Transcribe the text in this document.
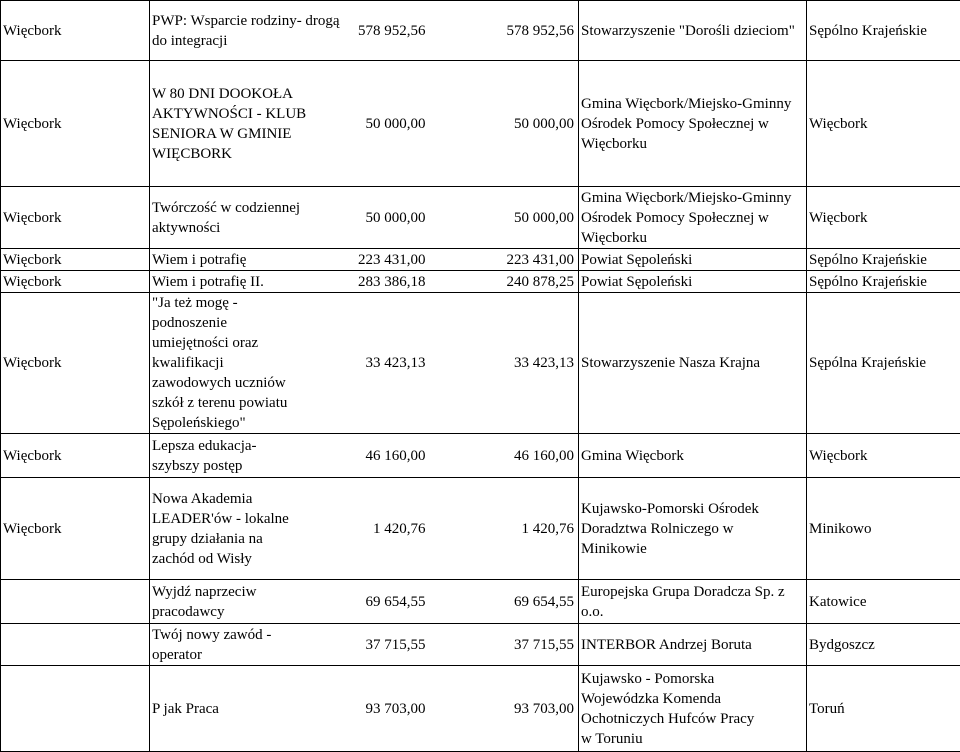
Więcbork	PWP: Wsparcie rodziny- drogą do integracji	578 952,56	578 952,56	Stowarzyszenie "Dorośli dzieciom"	Sępólno Krajeńskie
Więcbork	W 80 DNI DOOKOŁA AKTYWNOŚCI - KLUB SENIORA W GMINIE WIĘCBORK	50 000,00	50 000,00	Gmina Więcbork/Miejsko-Gminny Ośrodek Pomocy Społecznej w Więcborku	Więcbork
Więcbork	Twórczość w codziennej aktywności	50 000,00	50 000,00	Gmina Więcbork/Miejsko-Gminny Ośrodek Pomocy Społecznej w Więcborku	Więcbork
Więcbork	Wiem i potrafię	223 431,00	223 431,00	Powiat Sępoleński	Sępólno Krajeńskie
Więcbork	Wiem i potrafię II.	283 386,18	240 878,25	Powiat Sępoleński	Sępólno Krajeńskie
Więcbork	"Ja też mogę - podnoszenie umiejętności oraz kwalifikacji zawodowych uczniów szkół z terenu powiatu Sępoleńskiego"	33 423,13	33 423,13	Stowarzyszenie Nasza Krajna	Sępólna Krajeńskie
Więcbork	Lepsza edukacja- szybszy postęp	46 160,00	46 160,00	Gmina Więcbork	Więcbork
Więcbork	Nowa Akademia LEADER'ów - lokalne grupy działania na zachód od Wisły	1 420,76	1 420,76	Kujawsko-Pomorski Ośrodek Doradztwa Rolniczego w Minikowie	Minikowo
	Wyjdź naprzeciw pracodawcy	69 654,55	69 654,55	Europejska Grupa Doradcza Sp. z o.o.	Katowice
	Twój nowy zawód - operator	37 715,55	37 715,55	INTERBOR Andrzej Boruta	Bydgoszcz
	P jak Praca	93 703,00	93 703,00	Kujawsko - Pomorska Wojewódzka Komenda Ochotniczych Hufców Pracy w Toruniu	Toruń
